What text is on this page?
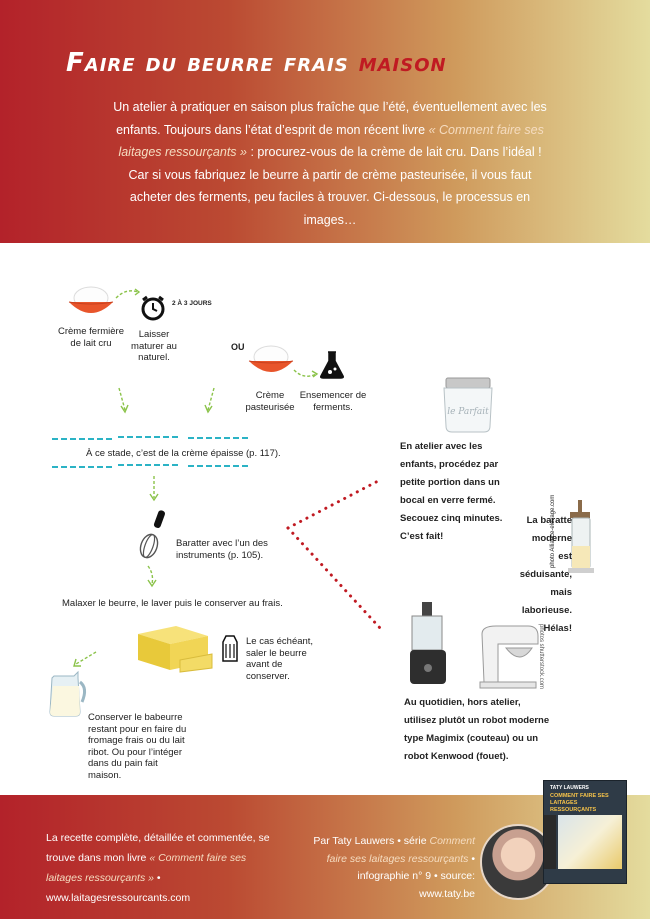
Faire du beurre frais maison
Un atelier à pratiquer en saison plus fraîche que l’été, éventuellement avec les enfants. Toujours dans l’état d’esprit de mon récent livre « Comment faire ses laitages ressourçants » : procurez-vous de la crème de lait cru. Dans l’idéal ! Car si vous fabriquez le beurre à partir de crème pasteurisée, il vous faut acheter des ferments, peu faciles à trouver. Ci-dessous, le processus en images…
Crème fermière de lait cru
2 À 3 JOURS
Laisser maturer au naturel.
OU
Crème pasteurisée
Ensemencer de ferments.
À ce stade, c’est de la crème épaisse (p. 117).
Baratter avec l’un des instruments (p. 105).
Malaxer le beurre, le laver puis le conserver au frais.
Le cas échéant, saler le beurre avant de conserver.
Conserver le babeurre restant pour en faire du fromage frais ou du lait ribot. Ou pour l’intéger dans du pain fait maison.
le Parfait
En atelier avec les enfants, procédez par petite portion dans un bocal en verre fermé. Secouez cinq minutes. C’est fait!
La baratte moderne est séduisante, mais laborieuse. Hélas!
photo Alliance-elevage.com
photos shutterstock.com
Au quotidien, hors atelier, utilisez plutôt un robot moderne type Magimix (couteau) ou un robot Kenwood (fouet).
La recette complète, détaillée et commentée, se trouve dans mon livre « Comment faire ses laitages ressourçants » • www.laitagesressourcants.com
Par Taty Lauwers • série Comment faire ses laitages ressourçants • infographie n° 9 • source: www.taty.be
TATY LAUWERS
COMMENT FAIRE SES LAITAGES RESSOURÇANTS
